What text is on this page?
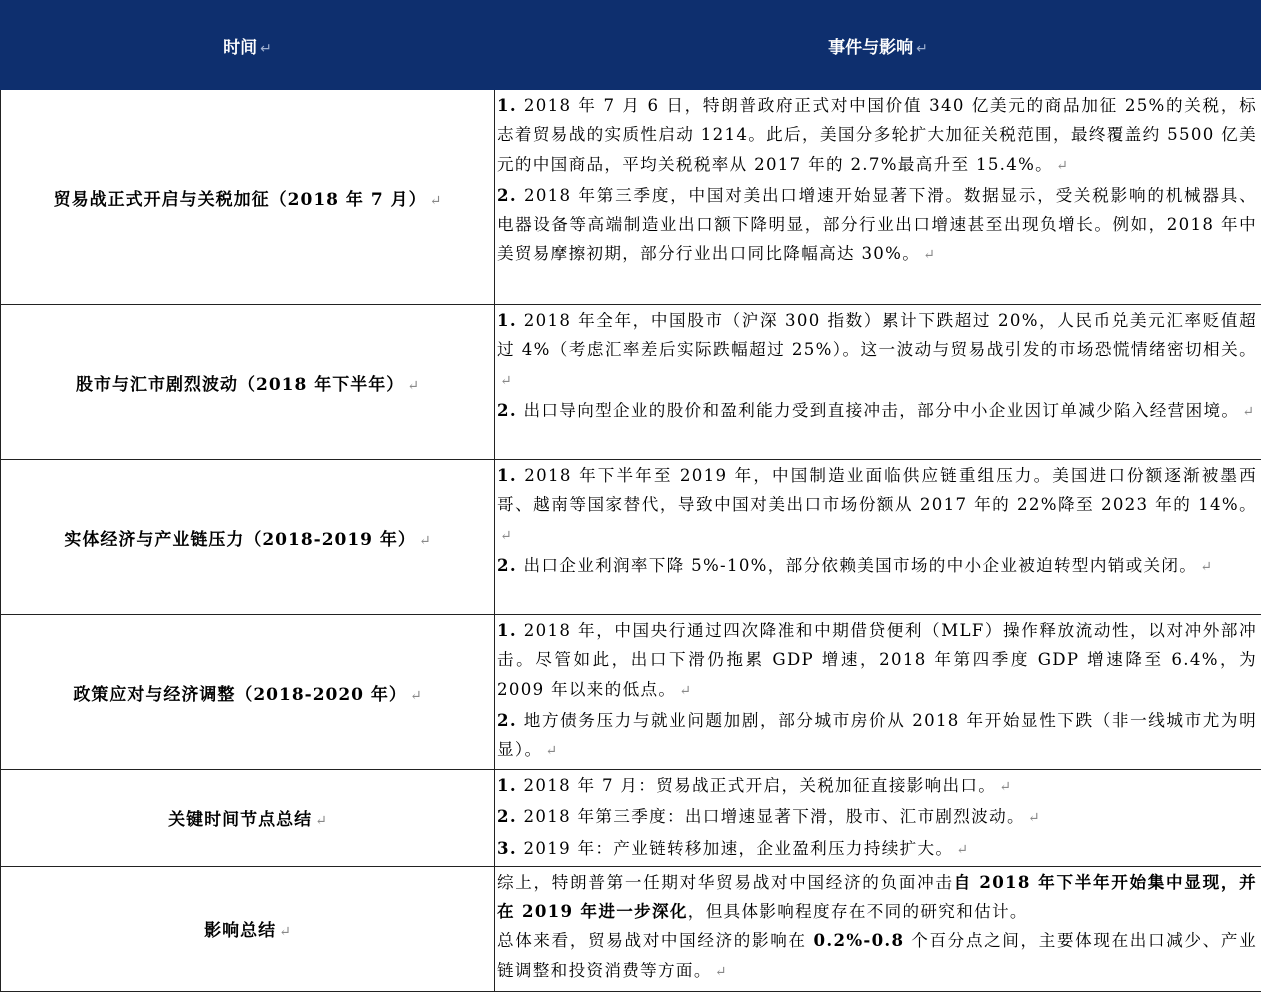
时间 ↵	事件与影响 ↵
贸易战正式开启与关税加征（2018 年 7 月） ↵	1. 2018 年 7 月 6 日，特朗普政府正式对中国价值 340 亿美元的商品加征 25%的关税，标志着贸易战的实质性启动 1214。此后，美国分多轮扩大加征关税范围，最终覆盖约 5500 亿美元的中国商品，平均关税税率从 2017 年的 2.7%最高升至 15.4%。 ↵
2. 2018 年第三季度，中国对美出口增速开始显著下滑。数据显示，受关税影响的机械器具、电器设备等高端制造业出口额下降明显，部分行业出口增速甚至出现负增长。例如，2018 年中美贸易摩擦初期，部分行业出口同比降幅高达 30%。 ↵

股市与汇市剧烈波动（2018 年下半年） ↵	1. 2018 年全年，中国股市（沪深 300 指数）累计下跌超过 20%，人民币兑美元汇率贬值超过 4%（考虑汇率差后实际跌幅超过 25%）。这一波动与贸易战引发的市场恐慌情绪密切相关。↵
2. 出口导向型企业的股价和盈利能力受到直接冲击，部分中小企业因订单减少陷入经营困境。 ↵

实体经济与产业链压力（2018-2019 年） ↵	1. 2018 年下半年至 2019 年，中国制造业面临供应链重组压力。美国进口份额逐渐被墨西哥、越南等国家替代，导致中国对美出口市场份额从 2017 年的 22%降至 2023 年的 14%。↵
2. 出口企业利润率下降 5%-10%，部分依赖美国市场的中小企业被迫转型内销或关闭。 ↵

政策应对与经济调整（2018-2020 年） ↵	1. 2018 年，中国央行通过四次降准和中期借贷便利（MLF）操作释放流动性，以对冲外部冲击。尽管如此，出口下滑仍拖累 GDP 增速，2018 年第四季度 GDP 增速降至 6.4%，为 2009 年以来的低点。 ↵
2. 地方债务压力与就业问题加剧，部分城市房价从 2018 年开始显性下跌（非一线城市尤为明显）。 ↵

关键时间节点总结 ↵	1. 2018 年 7 月：贸易战正式开启，关税加征直接影响出口。 ↵
2. 2018 年第三季度：出口增速显著下滑，股市、汇市剧烈波动。 ↵
3. 2019 年：产业链转移加速，企业盈利压力持续扩大。 ↵

影响总结 ↵	综上，特朗普第一任期对华贸易战对中国经济的负面冲击自 2018 年下半年开始集中显现，并在 2019 年进一步深化，但具体影响程度存在不同的研究和估计。
总体来看，贸易战对中国经济的影响在 0.2%-0.8 个百分点之间，主要体现在出口减少、产业链调整和投资消费等方面。 ↵
